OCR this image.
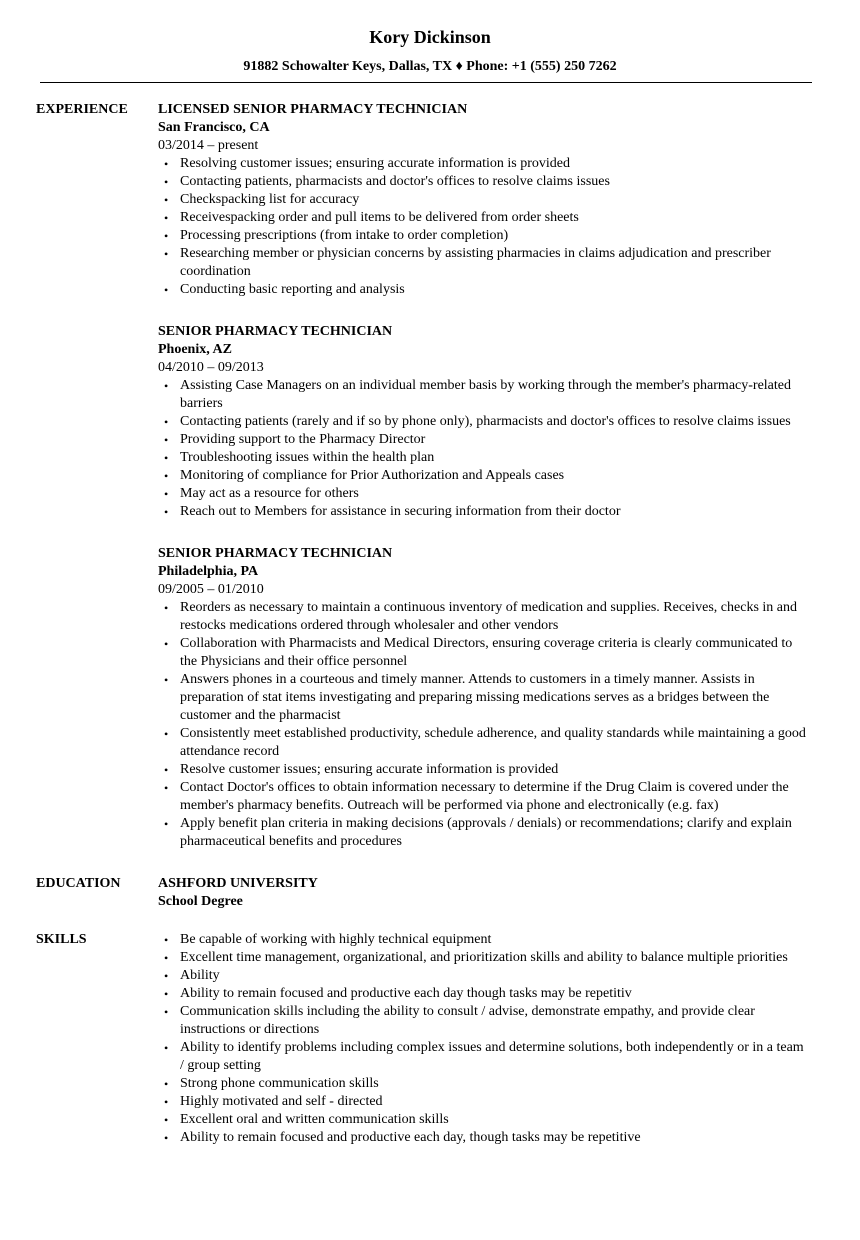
Kory Dickinson
91882 Schowalter Keys, Dallas, TX ♦ Phone: +1 (555) 250 7262
EXPERIENCE	LICENSED SENIOR PHARMACY TECHNICIAN
San Francisco, CA
03/2014 – present
• Resolving customer issues; ensuring accurate information is provided
• Contacting patients, pharmacists and doctor's offices to resolve claims issues
• Checkspacking list for accuracy
• Receivespacking order and pull items to be delivered from order sheets
• Processing prescriptions (from intake to order completion)
• Researching member or physician concerns by assisting pharmacies in claims adjudication and prescriber coordination
• Conducting basic reporting and analysis
SENIOR PHARMACY TECHNICIAN
Phoenix, AZ
04/2010 – 09/2013
• Assisting Case Managers on an individual member basis by working through the member's pharmacy-related barriers
• Contacting patients (rarely and if so by phone only), pharmacists and doctor's offices to resolve claims issues
• Providing support to the Pharmacy Director
• Troubleshooting issues within the health plan
• Monitoring of compliance for Prior Authorization and Appeals cases
• May act as a resource for others
• Reach out to Members for assistance in securing information from their doctor
SENIOR PHARMACY TECHNICIAN
Philadelphia, PA
09/2005 – 01/2010
• Reorders as necessary to maintain a continuous inventory of medication and supplies. Receives, checks in and restocks medications ordered through wholesaler and other vendors
• Collaboration with Pharmacists and Medical Directors, ensuring coverage criteria is clearly communicated to the Physicians and their office personnel
• Answers phones in a courteous and timely manner. Attends to customers in a timely manner. Assists in preparation of stat items investigating and preparing missing medications serves as a bridges between the customer and the pharmacist
• Consistently meet established productivity, schedule adherence, and quality standards while maintaining a good attendance record
• Resolve customer issues; ensuring accurate information is provided
• Contact Doctor's offices to obtain information necessary to determine if the Drug Claim is covered under the member's pharmacy benefits. Outreach will be performed via phone and electronically (e.g. fax)
• Apply benefit plan criteria in making decisions (approvals / denials) or recommendations; clarify and explain pharmaceutical benefits and procedures
EDUCATION	ASHFORD UNIVERSITY
School Degree
SKILLS	• Be capable of working with highly technical equipment
• Excellent time management, organizational, and prioritization skills and ability to balance multiple priorities
• Ability
• Ability to remain focused and productive each day though tasks may be repetitiv
• Communication skills including the ability to consult / advise, demonstrate empathy, and provide clear instructions or directions
• Ability to identify problems including complex issues and determine solutions, both independently or in a team / group setting
• Strong phone communication skills
• Highly motivated and self - directed
• Excellent oral and written communication skills
• Ability to remain focused and productive each day, though tasks may be repetitive
